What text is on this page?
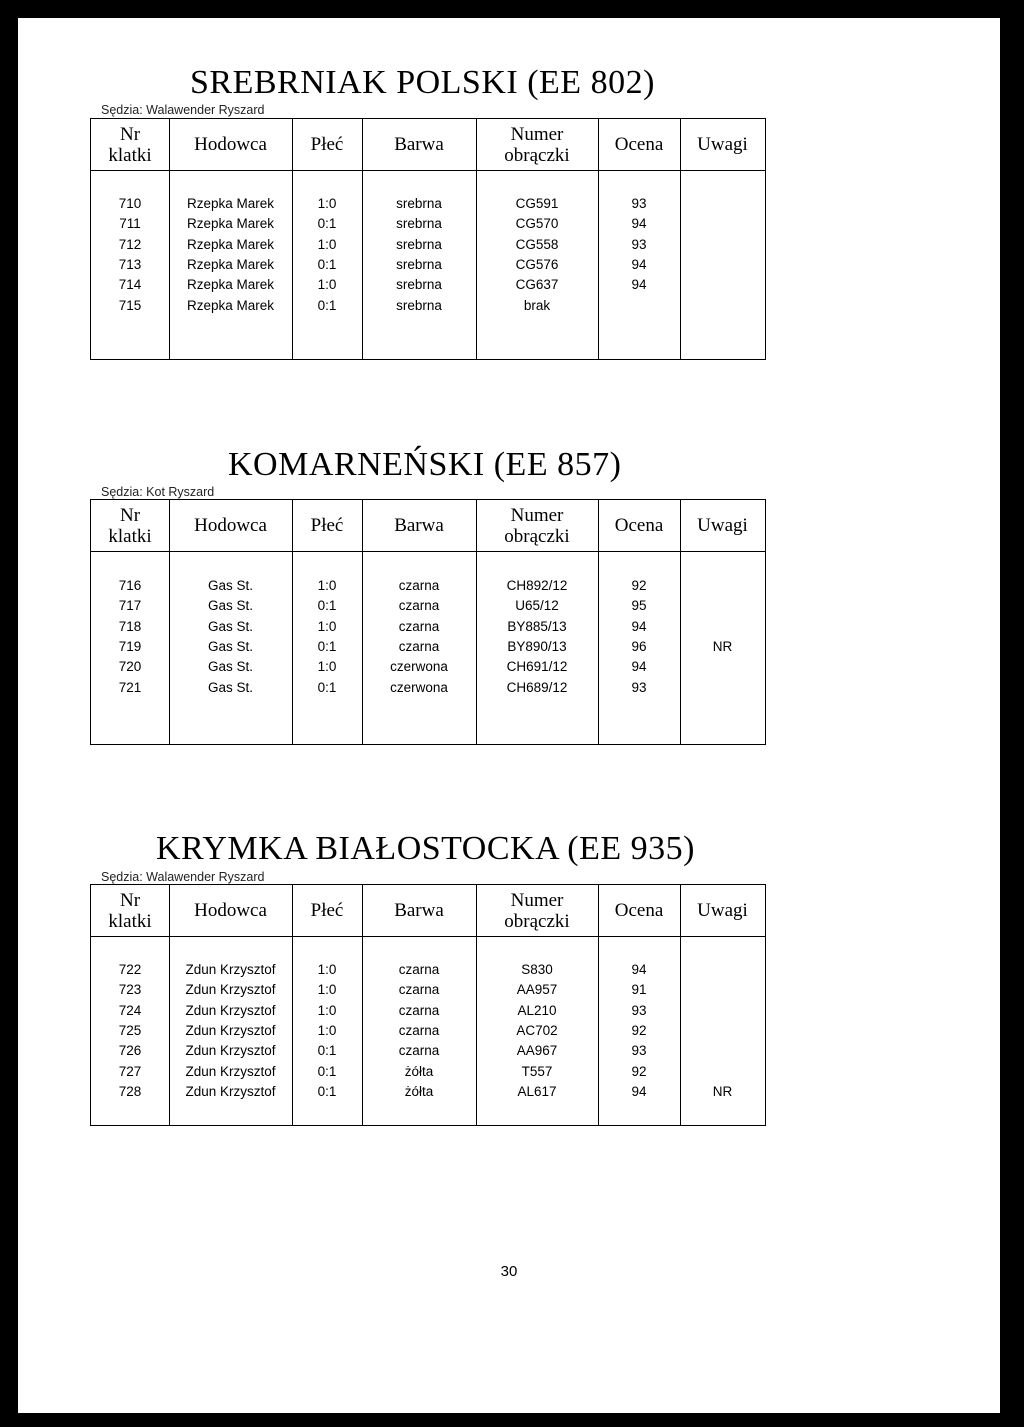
SREBRNIAK POLSKI (EE 802)
Sędzia: Walawender Ryszard
Nr
klatki	Hodowca	Płeć	Barwa	Numer
obrączki	Ocena	Uwagi
710	Rzepka Marek	1:0	srebrna	CG591	93
711	Rzepka Marek	0:1	srebrna	CG570	94
712	Rzepka Marek	1:0	srebrna	CG558	93
713	Rzepka Marek	0:1	srebrna	CG576	94
714	Rzepka Marek	1:0	srebrna	CG637	94
715	Rzepka Marek	0:1	srebrna	brak
KOMARNEŃSKI (EE 857)
Sędzia: Kot Ryszard
Nr
klatki	Hodowca	Płeć	Barwa	Numer
obrączki	Ocena	Uwagi
716	Gas St.	1:0	czarna	CH892/12	92
717	Gas St.	0:1	czarna	U65/12	95
718	Gas St.	1:0	czarna	BY885/13	94
719	Gas St.	0:1	czarna	BY890/13	96	NR
720	Gas St.	1:0	czerwona	CH691/12	94
721	Gas St.	0:1	czerwona	CH689/12	93
KRYMKA BIAŁOSTOCKA (EE 935)
Sędzia: Walawender Ryszard
Nr
klatki	Hodowca	Płeć	Barwa	Numer
obrączki	Ocena	Uwagi
722	Zdun Krzysztof	1:0	czarna	S830	94
723	Zdun Krzysztof	1:0	czarna	AA957	91
724	Zdun Krzysztof	1:0	czarna	AL210	93
725	Zdun Krzysztof	1:0	czarna	AC702	92
726	Zdun Krzysztof	0:1	czarna	AA967	93
727	Zdun Krzysztof	0:1	żółta	T557	92
728	Zdun Krzysztof	0:1	żółta	AL617	94	NR
30
